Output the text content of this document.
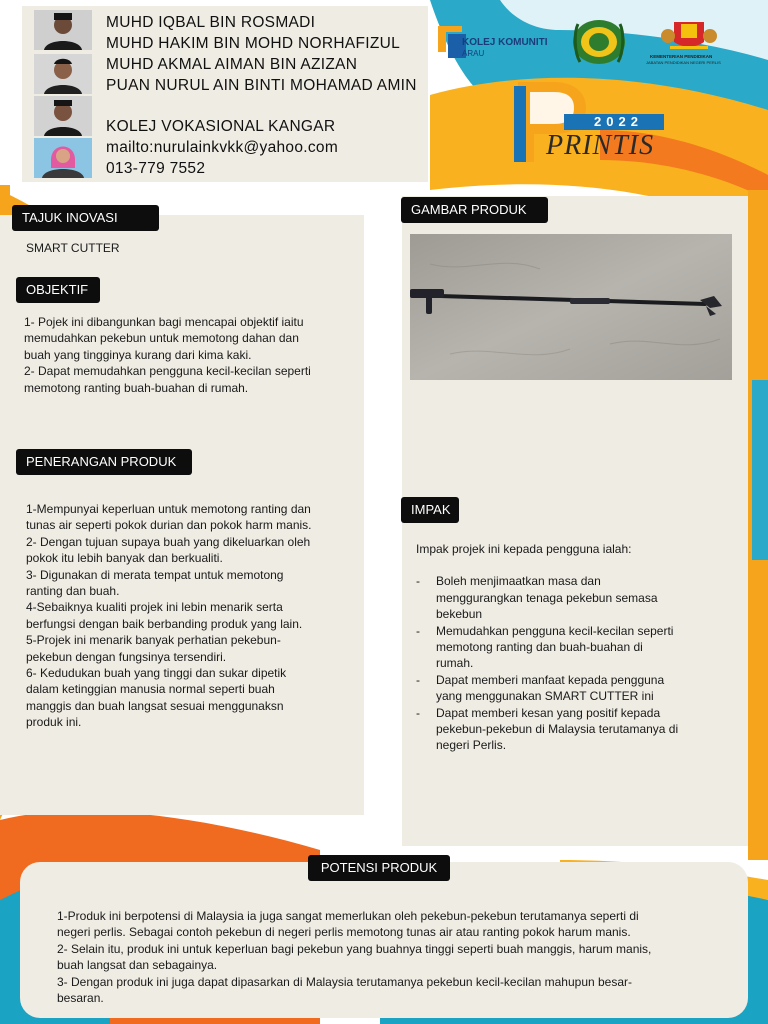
MUHD IQBAL BIN ROSMADI
MUHD HAKIM BIN MOHD NORHAFIZUL
MUHD AKMAL AIMAN BIN AZIZAN
PUAN NURUL AIN BINTI MOHAMAD AMIN
KOLEJ VOKASIONAL KANGAR
mailto:nurulainkvkk@yahoo.com
013-779 7552
KOLEJ KOMUNITI
ARAU	KEMENTERIAN PENDIDIKAN
JABATAN PENDIDIKAN NEGERI PERLIS
2022
PRINTIS
TAJUK INOVASI
SMART CUTTER
OBJEKTIF

1- Pojek ini dibangunkan bagi mencapai objektif iaitu

memudahkan pekebun untuk memotong dahan dan

buah yang tingginya kurang dari kima kaki.

2- Dapat memudahkan pengguna kecil-kecilan seperti

memotong ranting buah-buahan di rumah.

PENERANGAN PRODUK

1-Mempunyai keperluan untuk memotong ranting dan

tunas air seperti pokok durian dan pokok harm manis.

2- Dengan tujuan supaya buah yang dikeluarkan oleh

pokok itu lebih banyak dan berkualiti.

3- Digunakan di merata tempat untuk memotong

ranting dan buah.

4-Sebaiknya kualiti projek ini lebin menarik serta

berfungsi dengan baik berbanding produk yang lain.

5-Projek ini menarik banyak perhatian pekebun-

pekebun dengan fungsinya tersendiri.

6- Kedudukan buah yang tinggi dan sukar dipetik

dalam ketinggian manusia normal seperti buah

manggis dan buah langsat sesuai menggunaksn

produk ini.

GAMBAR PRODUK
IMPAK

Impak projek ini kepada pengguna ialah:

- Boleh menjimaatkan masa dan

menggurangkan tenaga pekebun semasa

bekebun

- Memudahkan pengguna kecil-kecilan seperti

memotong ranting dan buah-buahan di

rumah.

- Dapat memberi manfaat kepada pengguna

yang menggunakan SMART CUTTER ini

- Dapat memberi kesan yang positif kepada

pekebun-pekebun di Malaysia terutamanya di

negeri Perlis.

POTENSI PRODUK

1-Produk ini berpotensi di Malaysia ia juga sangat memerlukan oleh pekebun-pekebun terutamanya seperti di

negeri perlis. Sebagai contoh pekebun di negeri perlis memotong tunas air atau ranting pokok harum manis.

2- Selain itu, produk ini untuk keperluan bagi pekebun yang buahnya tinggi seperti buah manggis, harum manis,

buah langsat dan sebagainya.

3- Dengan produk ini juga dapat dipasarkan di Malaysia terutamanya pekebun kecil-kecilan mahupun besar-

besaran.
